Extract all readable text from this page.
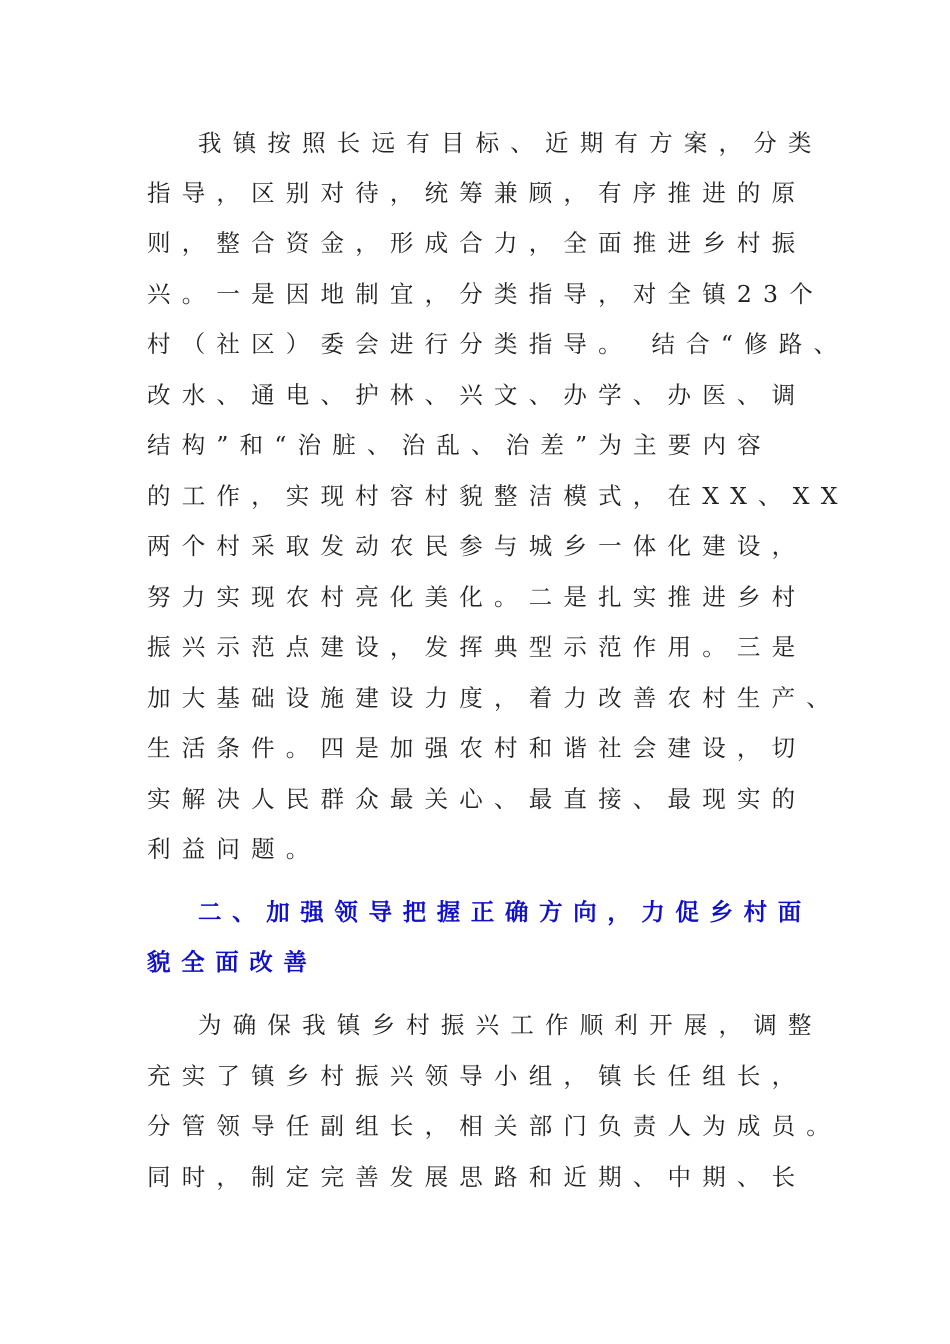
我镇按照长远有目标、近期有方案，分类
指导，区别对待，统筹兼顾，有序推进的原
则，整合资金，形成合力，全面推进乡村振
兴。一是因地制宜，分类指导，对全镇23个
村（社区）委会进行分类指导。 结合“修路、
改水、通电、护林、兴文、办学、办医、调
结构”和“治脏、治乱、治差”为主要内容
的工作，实现村容村貌整洁模式，在XX、XX
两个村采取发动农民参与城乡一体化建设，
努力实现农村亮化美化。二是扎实推进乡村
振兴示范点建设，发挥典型示范作用。三是
加大基础设施建设力度，着力改善农村生产、
生活条件。四是加强农村和谐社会建设，切
实解决人民群众最关心、最直接、最现实的
利益问题。
二、加强领导把握正确方向，力促乡村面
貌全面改善
为确保我镇乡村振兴工作顺利开展，调整
充实了镇乡村振兴领导小组，镇长任组长，
分管领导任副组长，相关部门负责人为成员。
同时，制定完善发展思路和近期、中期、长
